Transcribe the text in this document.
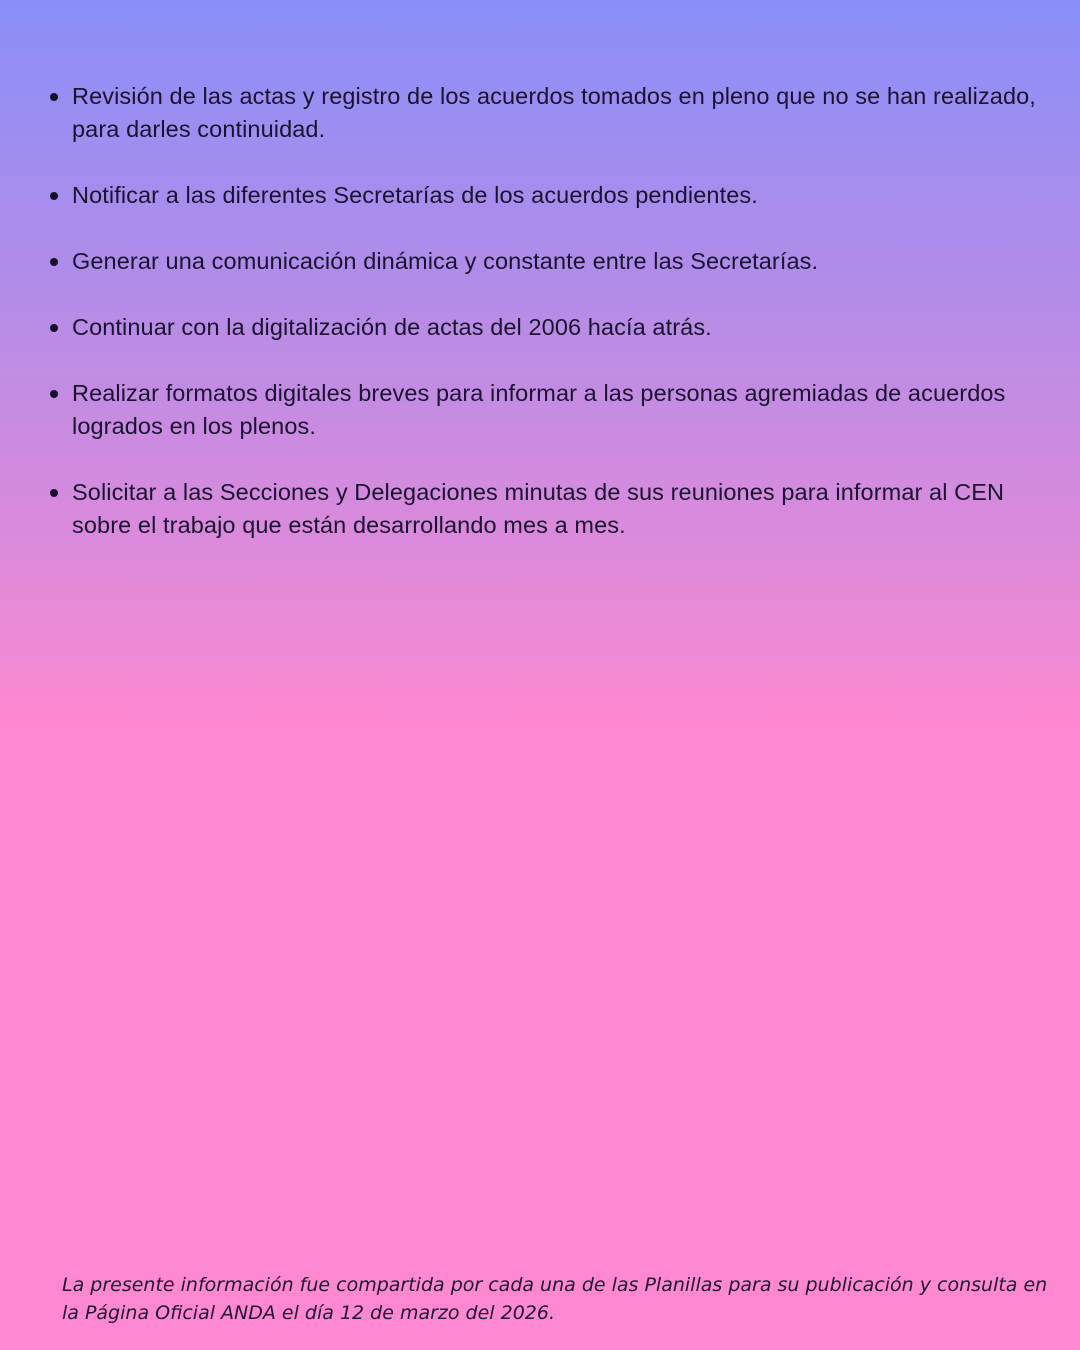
Revisión de las actas y registro de los acuerdos tomados en pleno que no se han realizado, para darles continuidad.
Notificar a las diferentes Secretarías de los acuerdos pendientes.
Generar una comunicación dinámica y constante entre las Secretarías.
Continuar con la digitalización de actas del 2006 hacía atrás.
Realizar formatos digitales breves para informar a las personas agremiadas de acuerdos logrados en los plenos.
Solicitar a las Secciones y Delegaciones minutas de sus reuniones para informar al CEN sobre el trabajo que están desarrollando mes a mes.
La presente información fue compartida por cada una de las Planillas para su publicación y consulta en la Página Oficial ANDA el día 12 de marzo del 2026.
